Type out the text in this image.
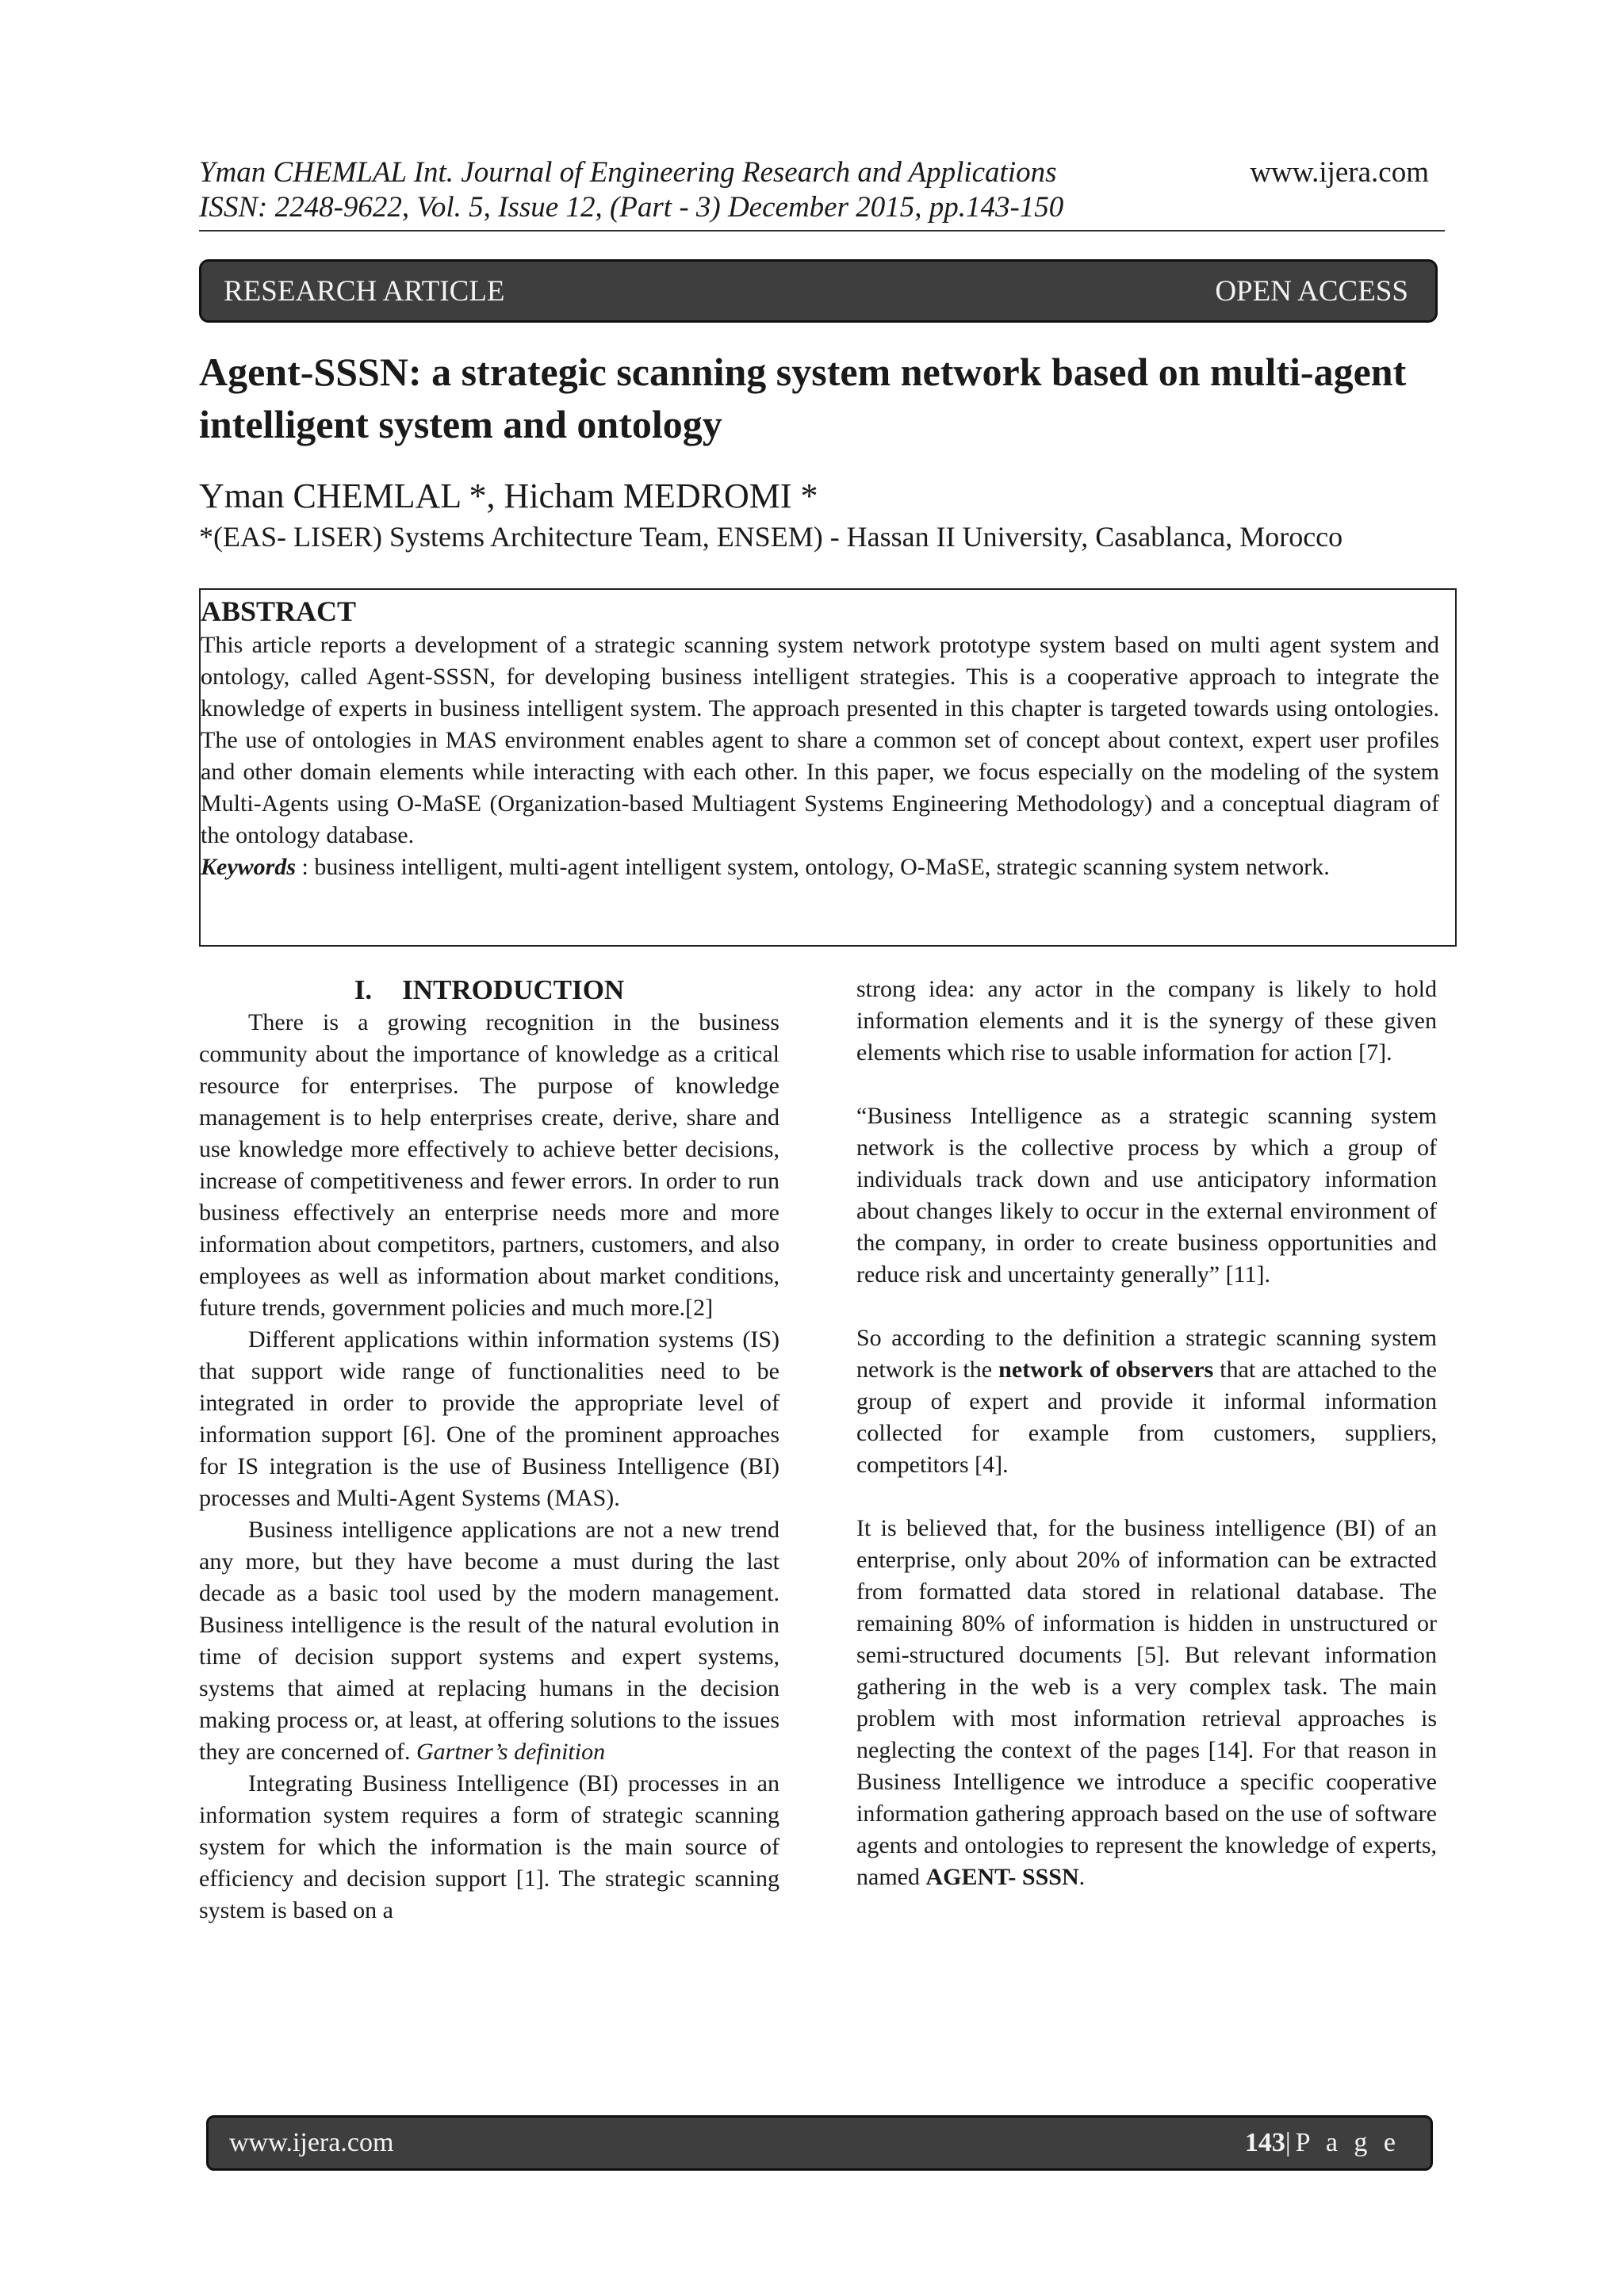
Yman CHEMLAL Int. Journal of Engineering Research and Applications
ISSN: 2248-9622, Vol. 5, Issue 12, (Part - 3) December 2015, pp.143-150
www.ijera.com
RESEARCH ARTICLE	OPEN ACCESS
Agent-SSSN: a strategic scanning system network based on multi-agent intelligent system and ontology
Yman CHEMLAL *, Hicham MEDROMI *
*(EAS- LISER) Systems Architecture Team, ENSEM) - Hassan II University, Casablanca, Morocco
ABSTRACT

This article reports a development of a strategic scanning system network prototype system based on multi agent system and ontology, called Agent-SSSN, for developing business intelligent strategies. This is a cooperative approach to integrate the knowledge of experts in business intelligent system. The approach presented in this chapter is targeted towards using ontologies. The use of ontologies in MAS environment enables agent to share a common set of concept about context, expert user profiles and other domain elements while interacting with each other. In this paper, we focus especially on the modeling of the system Multi-Agents using O-MaSE (Organization-based Multiagent Systems Engineering Methodology) and a conceptual diagram of the ontology database.

Keywords : business intelligent, multi-agent intelligent system, ontology, O-MaSE, strategic scanning system network.

I. INTRODUCTION

There is a growing recognition in the business community about the importance of knowledge as a critical resource for enterprises. The purpose of knowledge management is to help enterprises create, derive, share and use knowledge more effectively to achieve better decisions, increase of competitiveness and fewer errors. In order to run business effectively an enterprise needs more and more information about competitors, partners, customers, and also employees as well as information about market conditions, future trends, government policies and much more.[2]

Different applications within information systems (IS) that support wide range of functionalities need to be integrated in order to provide the appropriate level of information support [6]. One of the prominent approaches for IS integration is the use of Business Intelligence (BI) processes and Multi-Agent Systems (MAS).

Business intelligence applications are not a new trend any more, but they have become a must during the last decade as a basic tool used by the modern management. Business intelligence is the result of the natural evolution in time of decision support systems and expert systems, systems that aimed at replacing humans in the decision making process or, at least, at offering solutions to the issues they are concerned of. Gartner’s definition

Integrating Business Intelligence (BI) processes in an information system requires a form of strategic scanning system for which the information is the main source of efficiency and decision support [1]. The strategic scanning system is based on a

strong idea: any actor in the company is likely to hold information elements and it is the synergy of these given elements which rise to usable information for action [7].

“Business Intelligence as a strategic scanning system network is the collective process by which a group of individuals track down and use anticipatory information about changes likely to occur in the external environment of the company, in order to create business opportunities and reduce risk and uncertainty generally” [11].

So according to the definition a strategic scanning system network is the network of observers that are attached to the group of expert and provide it informal information collected for example from customers, suppliers, competitors [4].

It is believed that, for the business intelligence (BI) of an enterprise, only about 20% of information can be extracted from formatted data stored in relational database. The remaining 80% of information is hidden in unstructured or semi-structured documents [5]. But relevant information gathering in the web is a very complex task. The main problem with most information retrieval approaches is neglecting the context of the pages [14]. For that reason in Business Intelligence we introduce a specific cooperative information gathering approach based on the use of software agents and ontologies to represent the knowledge of experts, named AGENT- SSSN.

www.ijera.com	143|P a g e
